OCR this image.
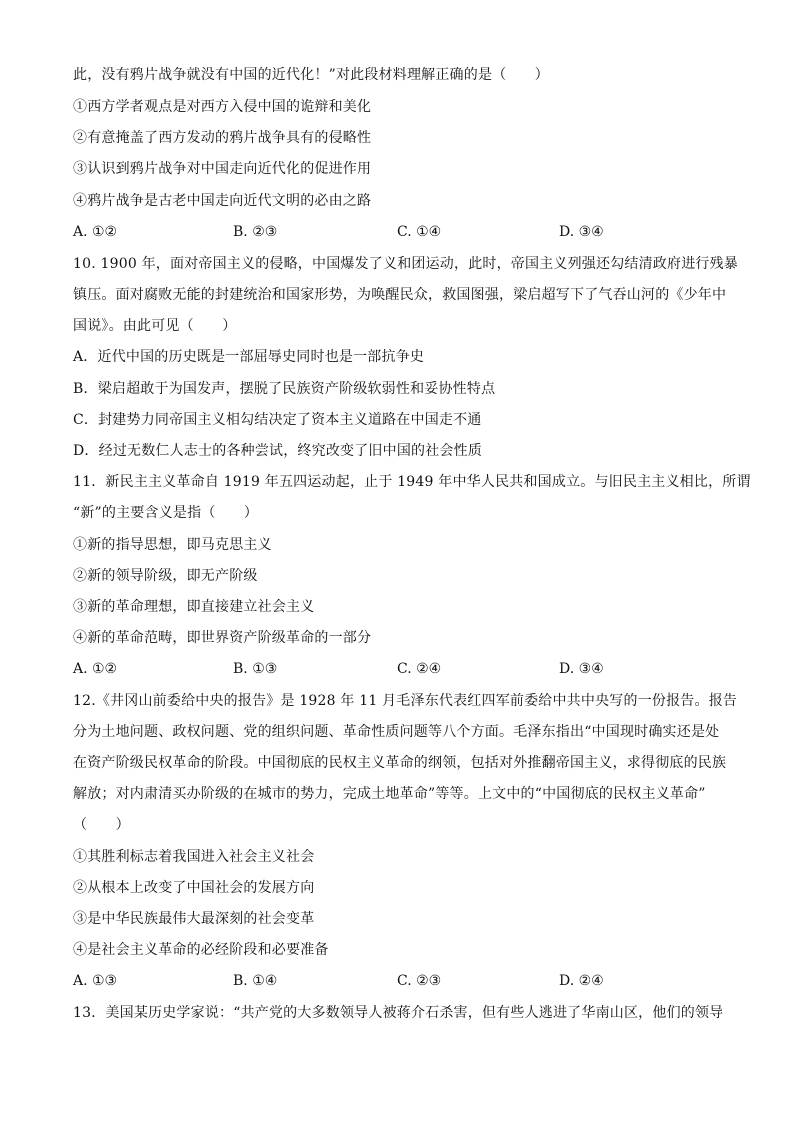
此，没有鸦片战争就没有中国的近代化！”对此段材料理解正确的是（　　）
①西方学者观点是对西方入侵中国的诡辩和美化
②有意掩盖了西方发动的鸦片战争具有的侵略性
③认识到鸦片战争对中国走向近代化的促进作用
④鸦片战争是古老中国走向近代文明的必由之路
A. ①②	B. ②③	C. ①④	D. ③④
10. 1900 年，面对帝国主义的侵略，中国爆发了义和团运动，此时，帝国主义列强还勾结清政府进行残暴
镇压。面对腐败无能的封建统治和国家形势，为唤醒民众，救国图强，梁启超写下了气吞山河的《少年中
国说》。由此可见（　　）
A．近代中国的历史既是一部屈辱史同时也是一部抗争史
B．梁启超敢于为国发声，摆脱了民族资产阶级软弱性和妥协性特点
C．封建势力同帝国主义相勾结决定了资本主义道路在中国走不通
D．经过无数仁人志士的各种尝试，终究改变了旧中国的社会性质
11．新民主主义革命自 1919 年五四运动起，止于 1949 年中华人民共和国成立。与旧民主主义相比，所谓
“新”的主要含义是指（　　）
①新的指导思想，即马克思主义
②新的领导阶级，即无产阶级
③新的革命理想，即直接建立社会主义
④新的革命范畴，即世界资产阶级革命的一部分
A. ①②	B. ①③	C. ②④	D. ③④
12.《井冈山前委给中央的报告》是 1928 年 11 月毛泽东代表红四军前委给中共中央写的一份报告。报告
分为土地问题、政权问题、党的组织问题、革命性质问题等八个方面。毛泽东指出“中国现时确实还是处
在资产阶级民权革命的阶段。中国彻底的民权主义革命的纲领，包括对外推翻帝国主义，求得彻底的民族
解放；对内肃清买办阶级的在城市的势力，完成土地革命”等等。上文中的“中国彻底的民权主义革命”
（　　）
①其胜利标志着我国进入社会主义社会
②从根本上改变了中国社会的发展方向
③是中华民族最伟大最深刻的社会变革
④是社会主义革命的必经阶段和必要准备
A. ①③	B. ①④	C. ②③	D. ②④
13．美国某历史学家说：“共产党的大多数领导人被蒋介石杀害，但有些人逃进了华南山区，他们的领导
